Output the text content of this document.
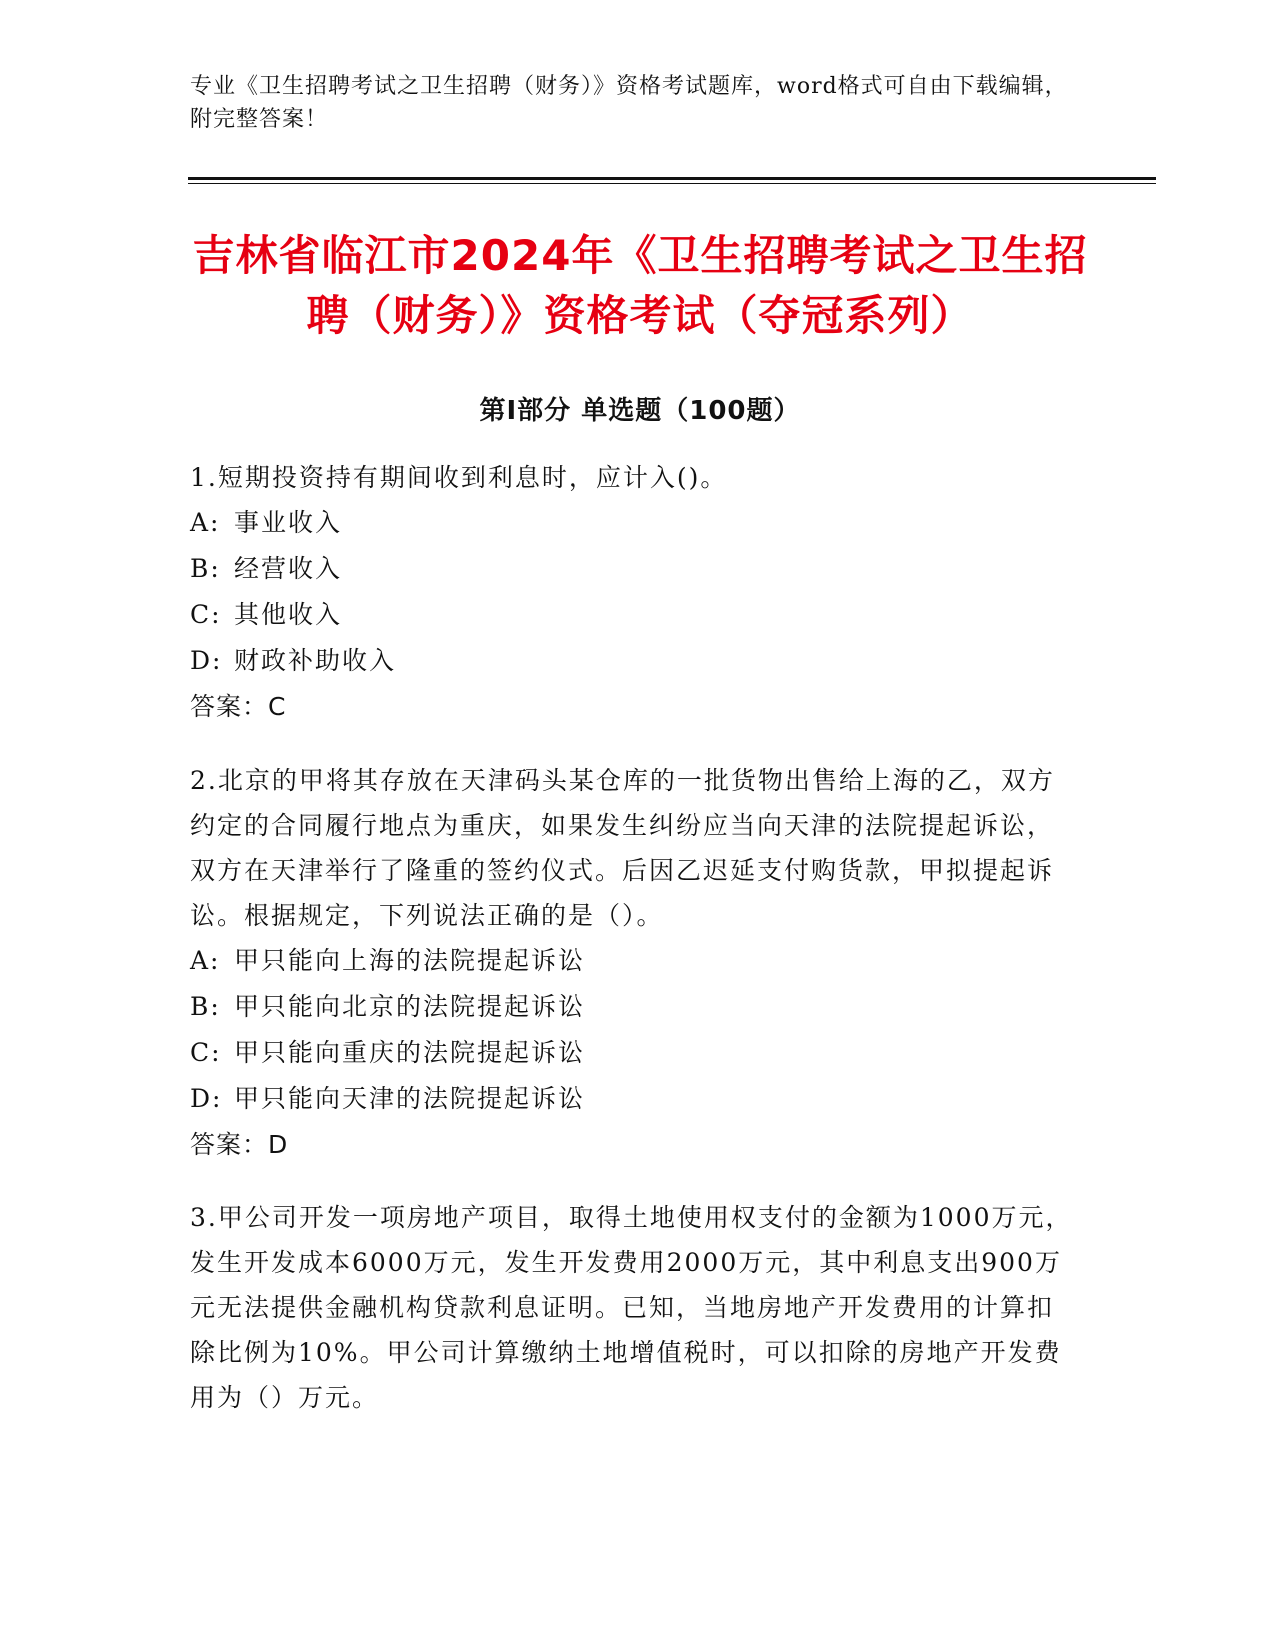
专业《卫生招聘考试之卫生招聘（财务）》资格考试题库，word格式可自由下载编辑，附完整答案！
吉林省临江市2024年《卫生招聘考试之卫生招聘（财务）》资格考试（夺冠系列）
第I部分 单选题（100题）
1.短期投资持有期间收到利息时，应计入()。
A: 事业收入
B: 经营收入
C: 其他收入
D: 财政补助收入
答案：C
2.北京的甲将其存放在天津码头某仓库的一批货物出售给上海的乙，双方约定的合同履行地点为重庆，如果发生纠纷应当向天津的法院提起诉讼，双方在天津举行了隆重的签约仪式。后因乙迟延支付购货款，甲拟提起诉讼。根据规定，下列说法正确的是（）。
A: 甲只能向上海的法院提起诉讼
B: 甲只能向北京的法院提起诉讼
C: 甲只能向重庆的法院提起诉讼
D: 甲只能向天津的法院提起诉讼
答案：D
3.甲公司开发一项房地产项目，取得土地使用权支付的金额为1000万元，发生开发成本6000万元，发生开发费用2000万元，其中利息支出900万元无法提供金融机构贷款利息证明。已知，当地房地产开发费用的计算扣除比例为10%。甲公司计算缴纳土地增值税时，可以扣除的房地产开发费用为（）万元。
